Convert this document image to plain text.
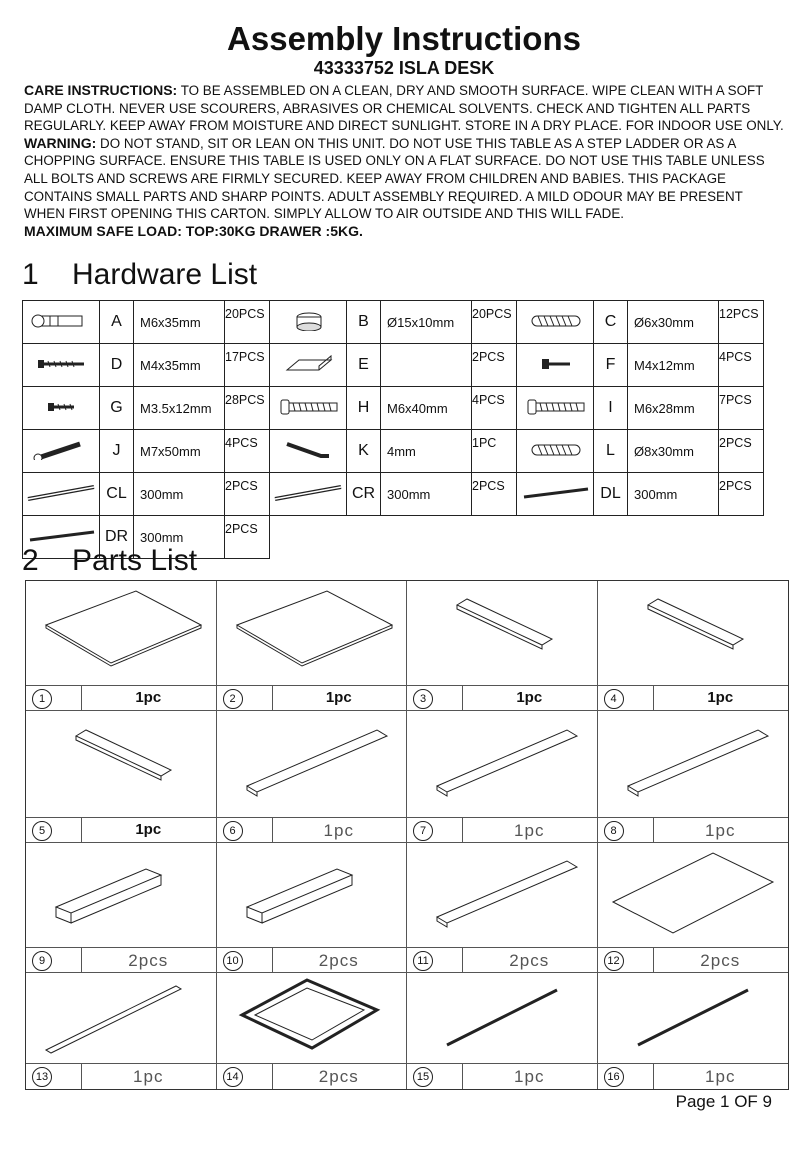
Assembly Instructions
43333752 ISLA DESK
CARE INSTRUCTIONS: TO BE ASSEMBLED ON A CLEAN, DRY AND SMOOTH SURFACE. WIPE CLEAN WITH A SOFT DAMP CLOTH. NEVER USE SCOURERS, ABRASIVES OR CHEMICAL SOLVENTS. CHECK AND TIGHTEN ALL PARTS REGULARLY. KEEP AWAY FROM MOISTURE AND DIRECT SUNLIGHT. STORE IN A DRY PLACE. FOR INDOOR USE ONLY.
WARNING: DO NOT STAND, SIT OR LEAN ON THIS UNIT. DO NOT USE THIS TABLE AS A STEP LADDER OR AS A CHOPPING SURFACE. ENSURE THIS TABLE IS USED ONLY ON A FLAT SURFACE. DO NOT USE THIS TABLE UNLESS ALL BOLTS AND SCREWS ARE FIRMLY SECURED. KEEP AWAY FROM CHILDREN AND BABIES. THIS PACKAGE CONTAINS SMALL PARTS AND SHARP POINTS. ADULT ASSEMBLY REQUIRED. A MILD ODOUR MAY BE PRESENT WHEN FIRST OPENING THIS CARTON. SIMPLY ALLOW TO AIR OUTSIDE AND THIS WILL FADE.
MAXIMUM SAFE LOAD: TOP:30KG DRAWER :5KG.
1 Hardware List
	A	M6x35mm	20PCS		B	Ø15x10mm	20PCS		C	Ø6x30mm	12PCS
	D	M4x35mm	17PCS		E		2PCS		F	M4x12mm	4PCS
	G	M3.5x12mm	28PCS		H	M6x40mm	4PCS		I	M6x28mm	7PCS
	J	M7x50mm	4PCS		K	4mm	1PC		L	Ø8x30mm	2PCS
	CL	300mm	2PCS		CR	300mm	2PCS		DL	300mm	2PCS
	DR	300mm	2PCS								
2 Parts List
1	1pc	2	1pc	3	1pc	4	1pc
5	1pc	6	1pc	7	1pc	8	1pc
9	2pcs	10	2pcs	11	2pcs	12	2pcs
13	1pc	14	2pcs	15	1pc	16	1pc
Page 1 OF 9
